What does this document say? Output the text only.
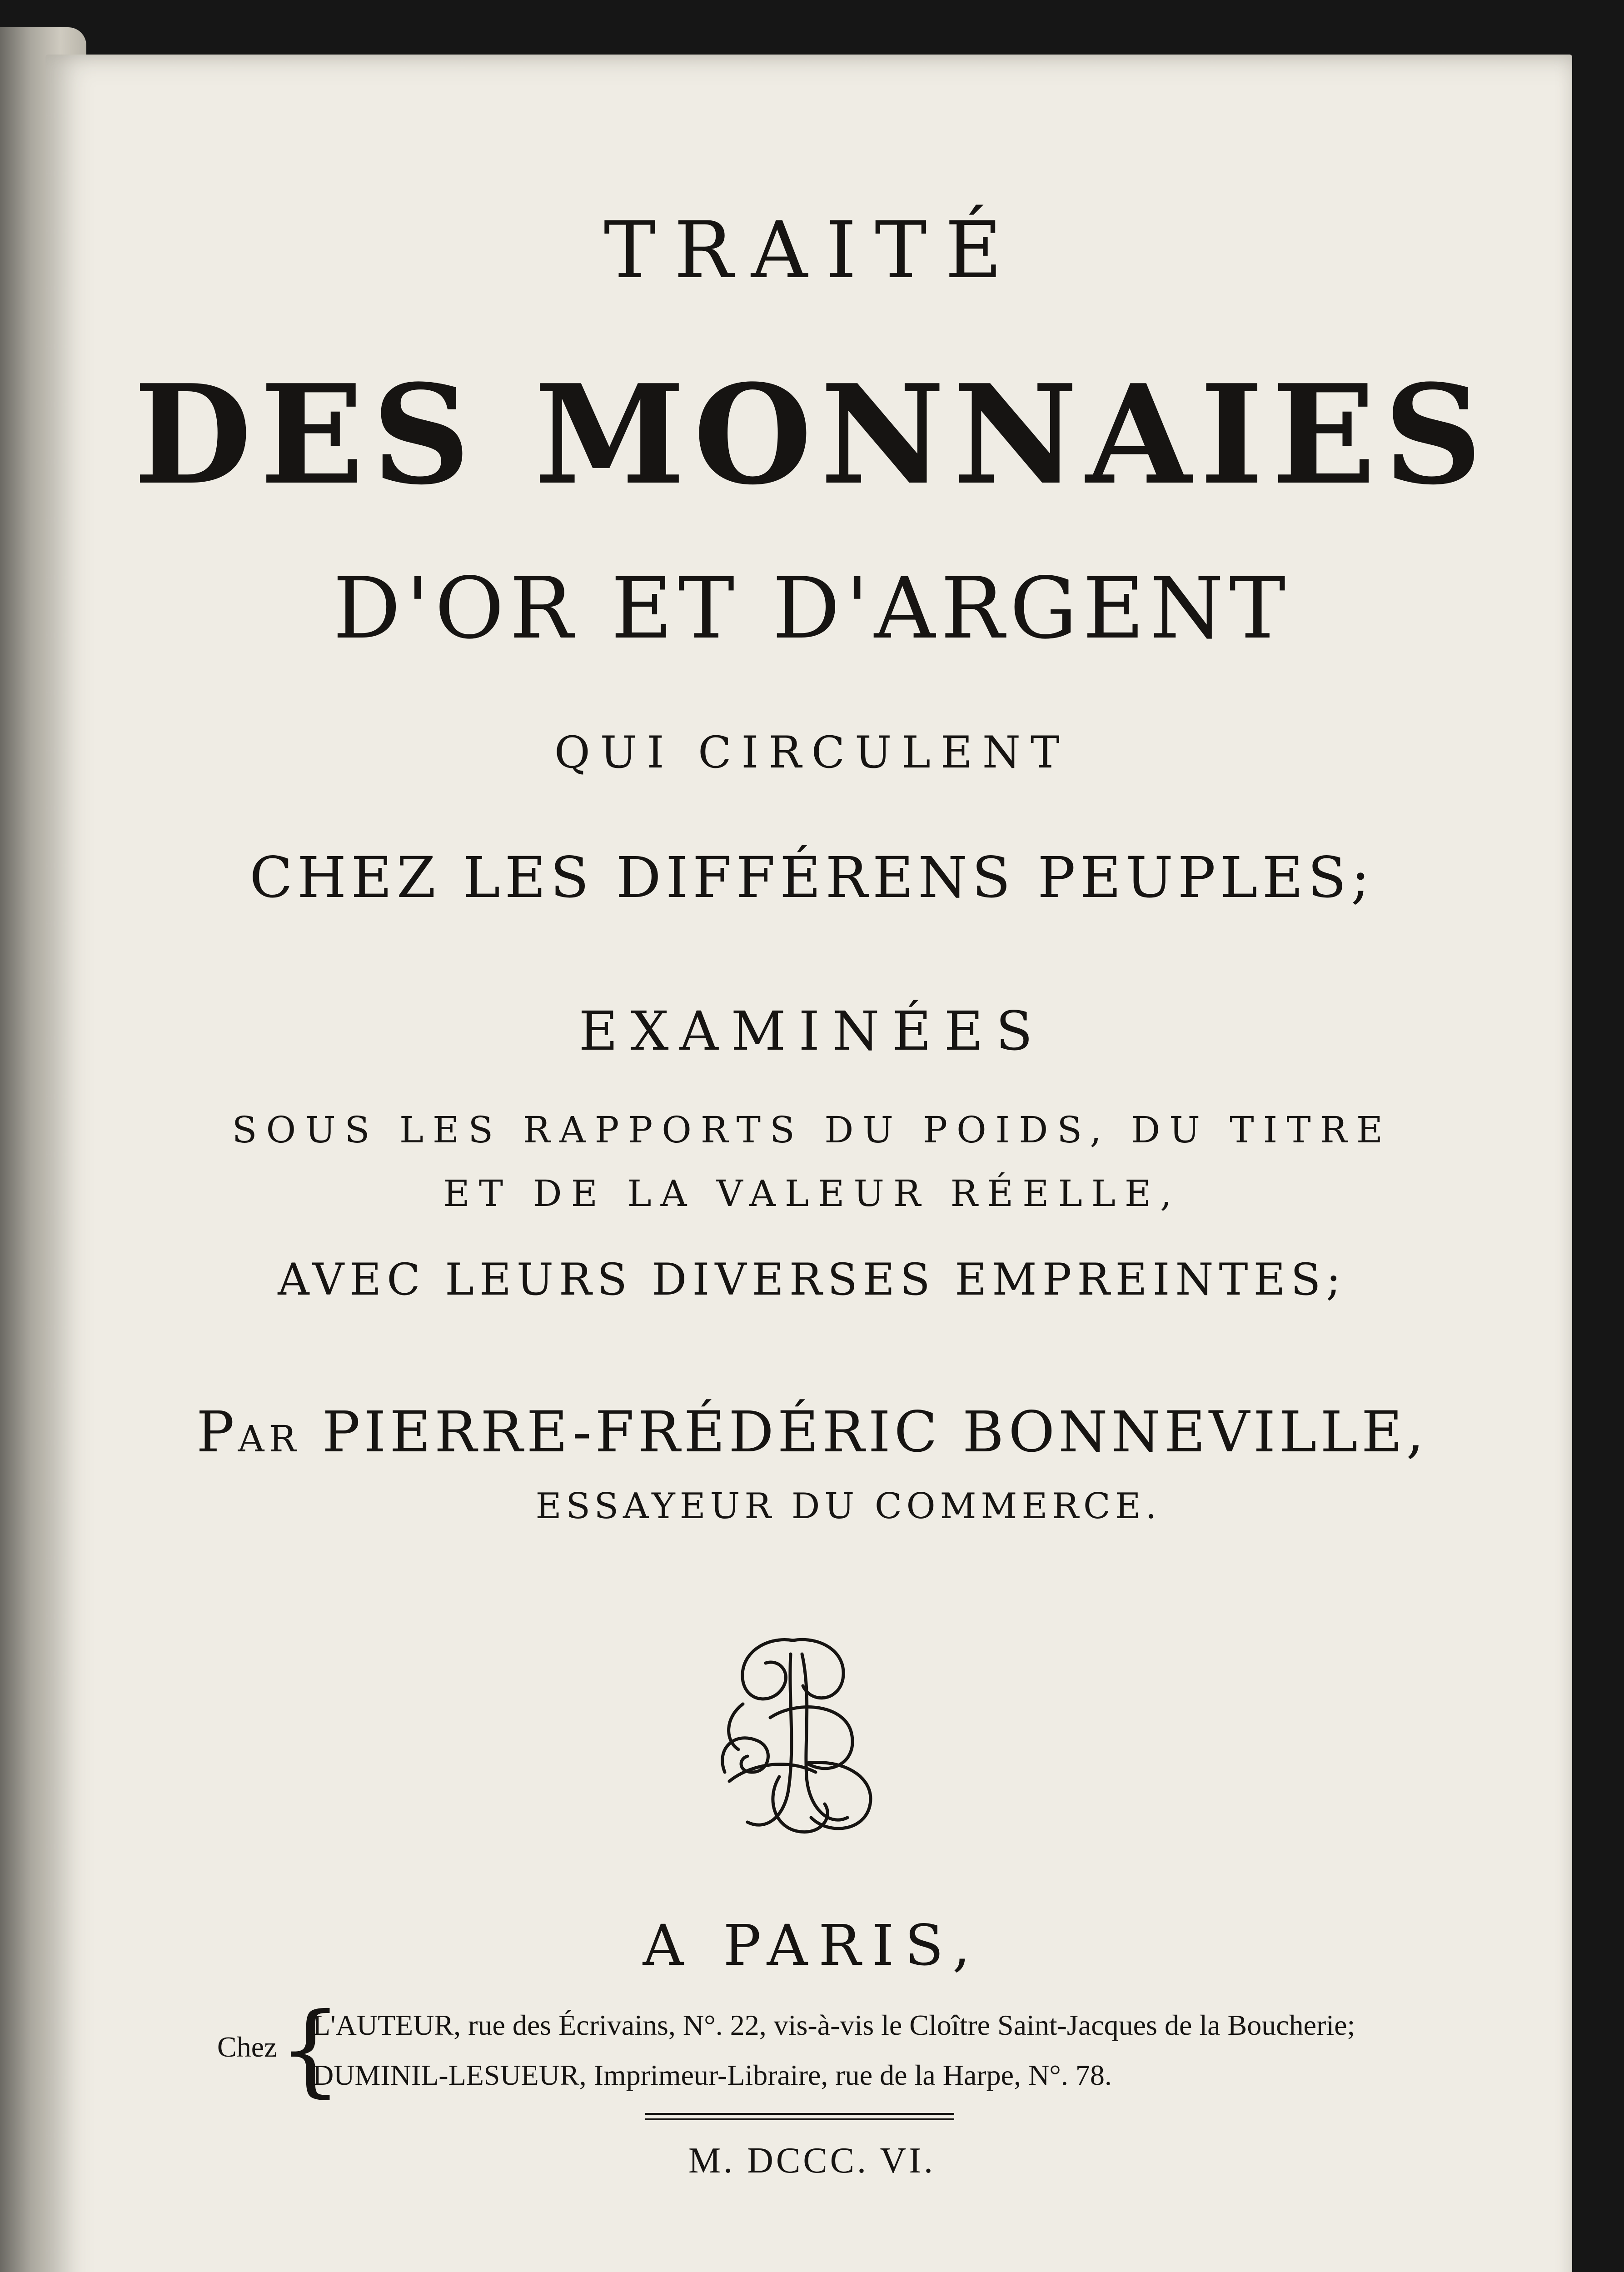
TRAITÉ
DES MONNAIES
D'OR ET D'ARGENT
QUI CIRCULENT
CHEZ LES DIFFÉRENS PEUPLES;
EXAMINÉES
SOUS LES RAPPORTS DU POIDS, DU TITRE
ET DE LA VALEUR RÉELLE,
AVEC LEURS DIVERSES EMPREINTES;
PAR PIERRE-FRÉDÉRIC BONNEVILLE,
ESSAYEUR DU COMMERCE.
A PARIS,
Chez {
L'AUTEUR, rue des Écrivains, N°. 22, vis-à-vis le Cloître Saint-Jacques de la Boucherie;
DUMINIL-LESUEUR, Imprimeur-Libraire, rue de la Harpe, N°. 78.
M. DCCC. VI.
